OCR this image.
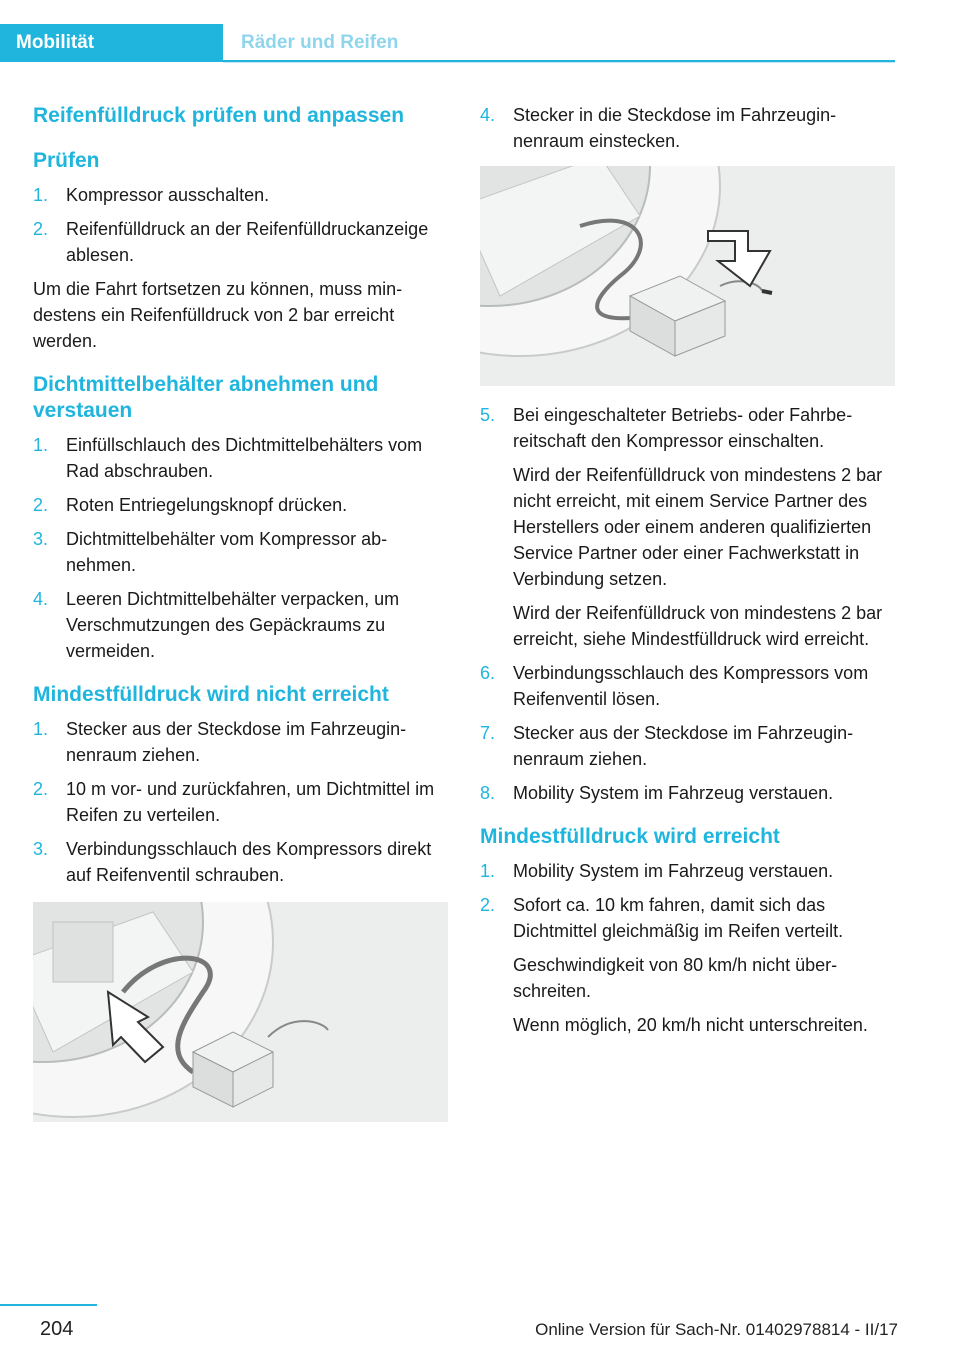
Mobilität	Räder und Reifen
Reifenfülldruck prüfen und anpassen
Prüfen
1. Kompressor ausschalten.
2. Reifenfülldruck an der Reifenfülldruckanzeige ablesen.

Um die Fahrt fortsetzen zu können, muss mindestens ein Reifenfülldruck von 2 bar erreicht werden.

Dichtmittelbehälter abnehmen und verstauen
1. Einfüllschlauch des Dichtmittelbehälters vom Rad abschrauben.
2. Roten Entriegelungsknopf drücken.
3. Dichtmittelbehälter vom Kompressor abnehmen.
4. Leeren Dichtmittelbehälter verpacken, um Verschmutzungen des Gepäckraums zu vermeiden.
Mindestfülldruck wird nicht erreicht
1. Stecker aus der Steckdose im Fahrzeuginnenraum ziehen.
2. 10 m vor- und zurückfahren, um Dichtmittel im Reifen zu verteilen.
3. Verbindungsschlauch des Kompressors direkt auf Reifenventil schrauben.
4. Stecker in die Steckdose im Fahrzeuginnenraum einstecken.
5. Bei eingeschalteter Betriebs- oder Fahrbereitschaft den Kompressor einschalten.
Wird der Reifenfülldruck von mindestens 2 bar nicht erreicht, mit einem Service Partner des Herstellers oder einem anderen qualifizierten Service Partner oder einer Fachwerkstatt in Verbindung setzen.
Wird der Reifenfülldruck von mindestens 2 bar erreicht, siehe Mindestfülldruck wird erreicht.
6. Verbindungsschlauch des Kompressors vom Reifenventil lösen.
7. Stecker aus der Steckdose im Fahrzeuginnenraum ziehen.
8. Mobility System im Fahrzeug verstauen.
Mindestfülldruck wird erreicht
1. Mobility System im Fahrzeug verstauen.
2. Sofort ca. 10 km fahren, damit sich das Dichtmittel gleichmäßig im Reifen verteilt.
Geschwindigkeit von 80 km/h nicht überschreiten.
Wenn möglich, 20 km/h nicht unterschreiten.
204	Online Version für Sach-Nr. 01402978814 - II/17
